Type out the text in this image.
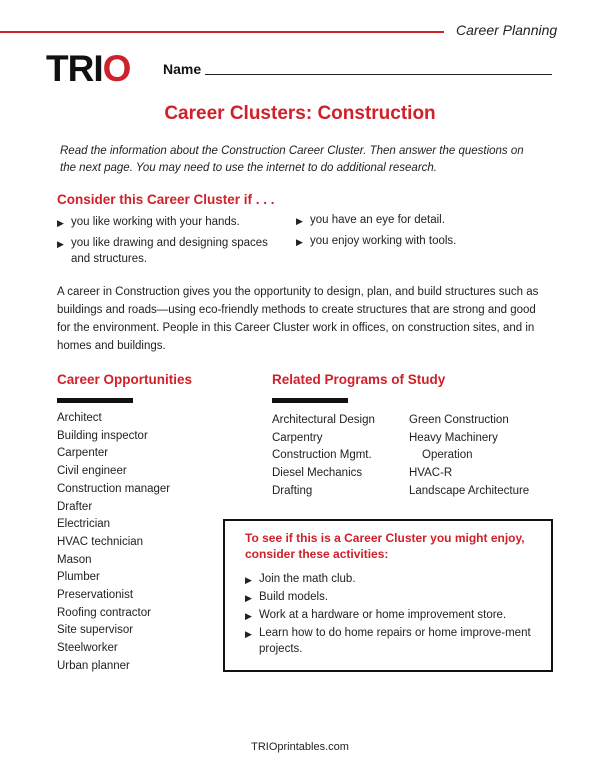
Career Planning
TRIO Name
Career Clusters: Construction
Read the information about the Construction Career Cluster. Then answer the questions on the next page. You may need to use the internet to do additional research.
Consider this Career Cluster if . . .
▶ you like working with your hands.
▶ you like drawing and designing spaces and structures.
▶ you have an eye for detail.
▶ you enjoy working with tools.
A career in Construction gives you the opportunity to design, plan, and build structures such as buildings and roads—using eco-friendly methods to create structures that are strong and good for the environment. People in this Career Cluster work in offices, on construction sites, and in homes and buildings.
Career Opportunities
Architect
Building inspector
Carpenter
Civil engineer
Construction manager
Drafter
Electrician
HVAC technician
Mason
Plumber
Preservationist
Roofing contractor
Site supervisor
Steelworker
Urban planner
Related Programs of Study
Architectural Design
Carpentry
Construction Mgmt.
Diesel Mechanics
Drafting
Green Construction
Heavy Machinery
Operation
HVAC-R
Landscape Architecture
To see if this is a Career Cluster you might enjoy, consider these activities:
▶ Join the math club.
▶ Build models.
▶ Work at a hardware or home improvement store.
▶ Learn how to do home repairs or home improve-ment projects.
TRIOprintables.com
